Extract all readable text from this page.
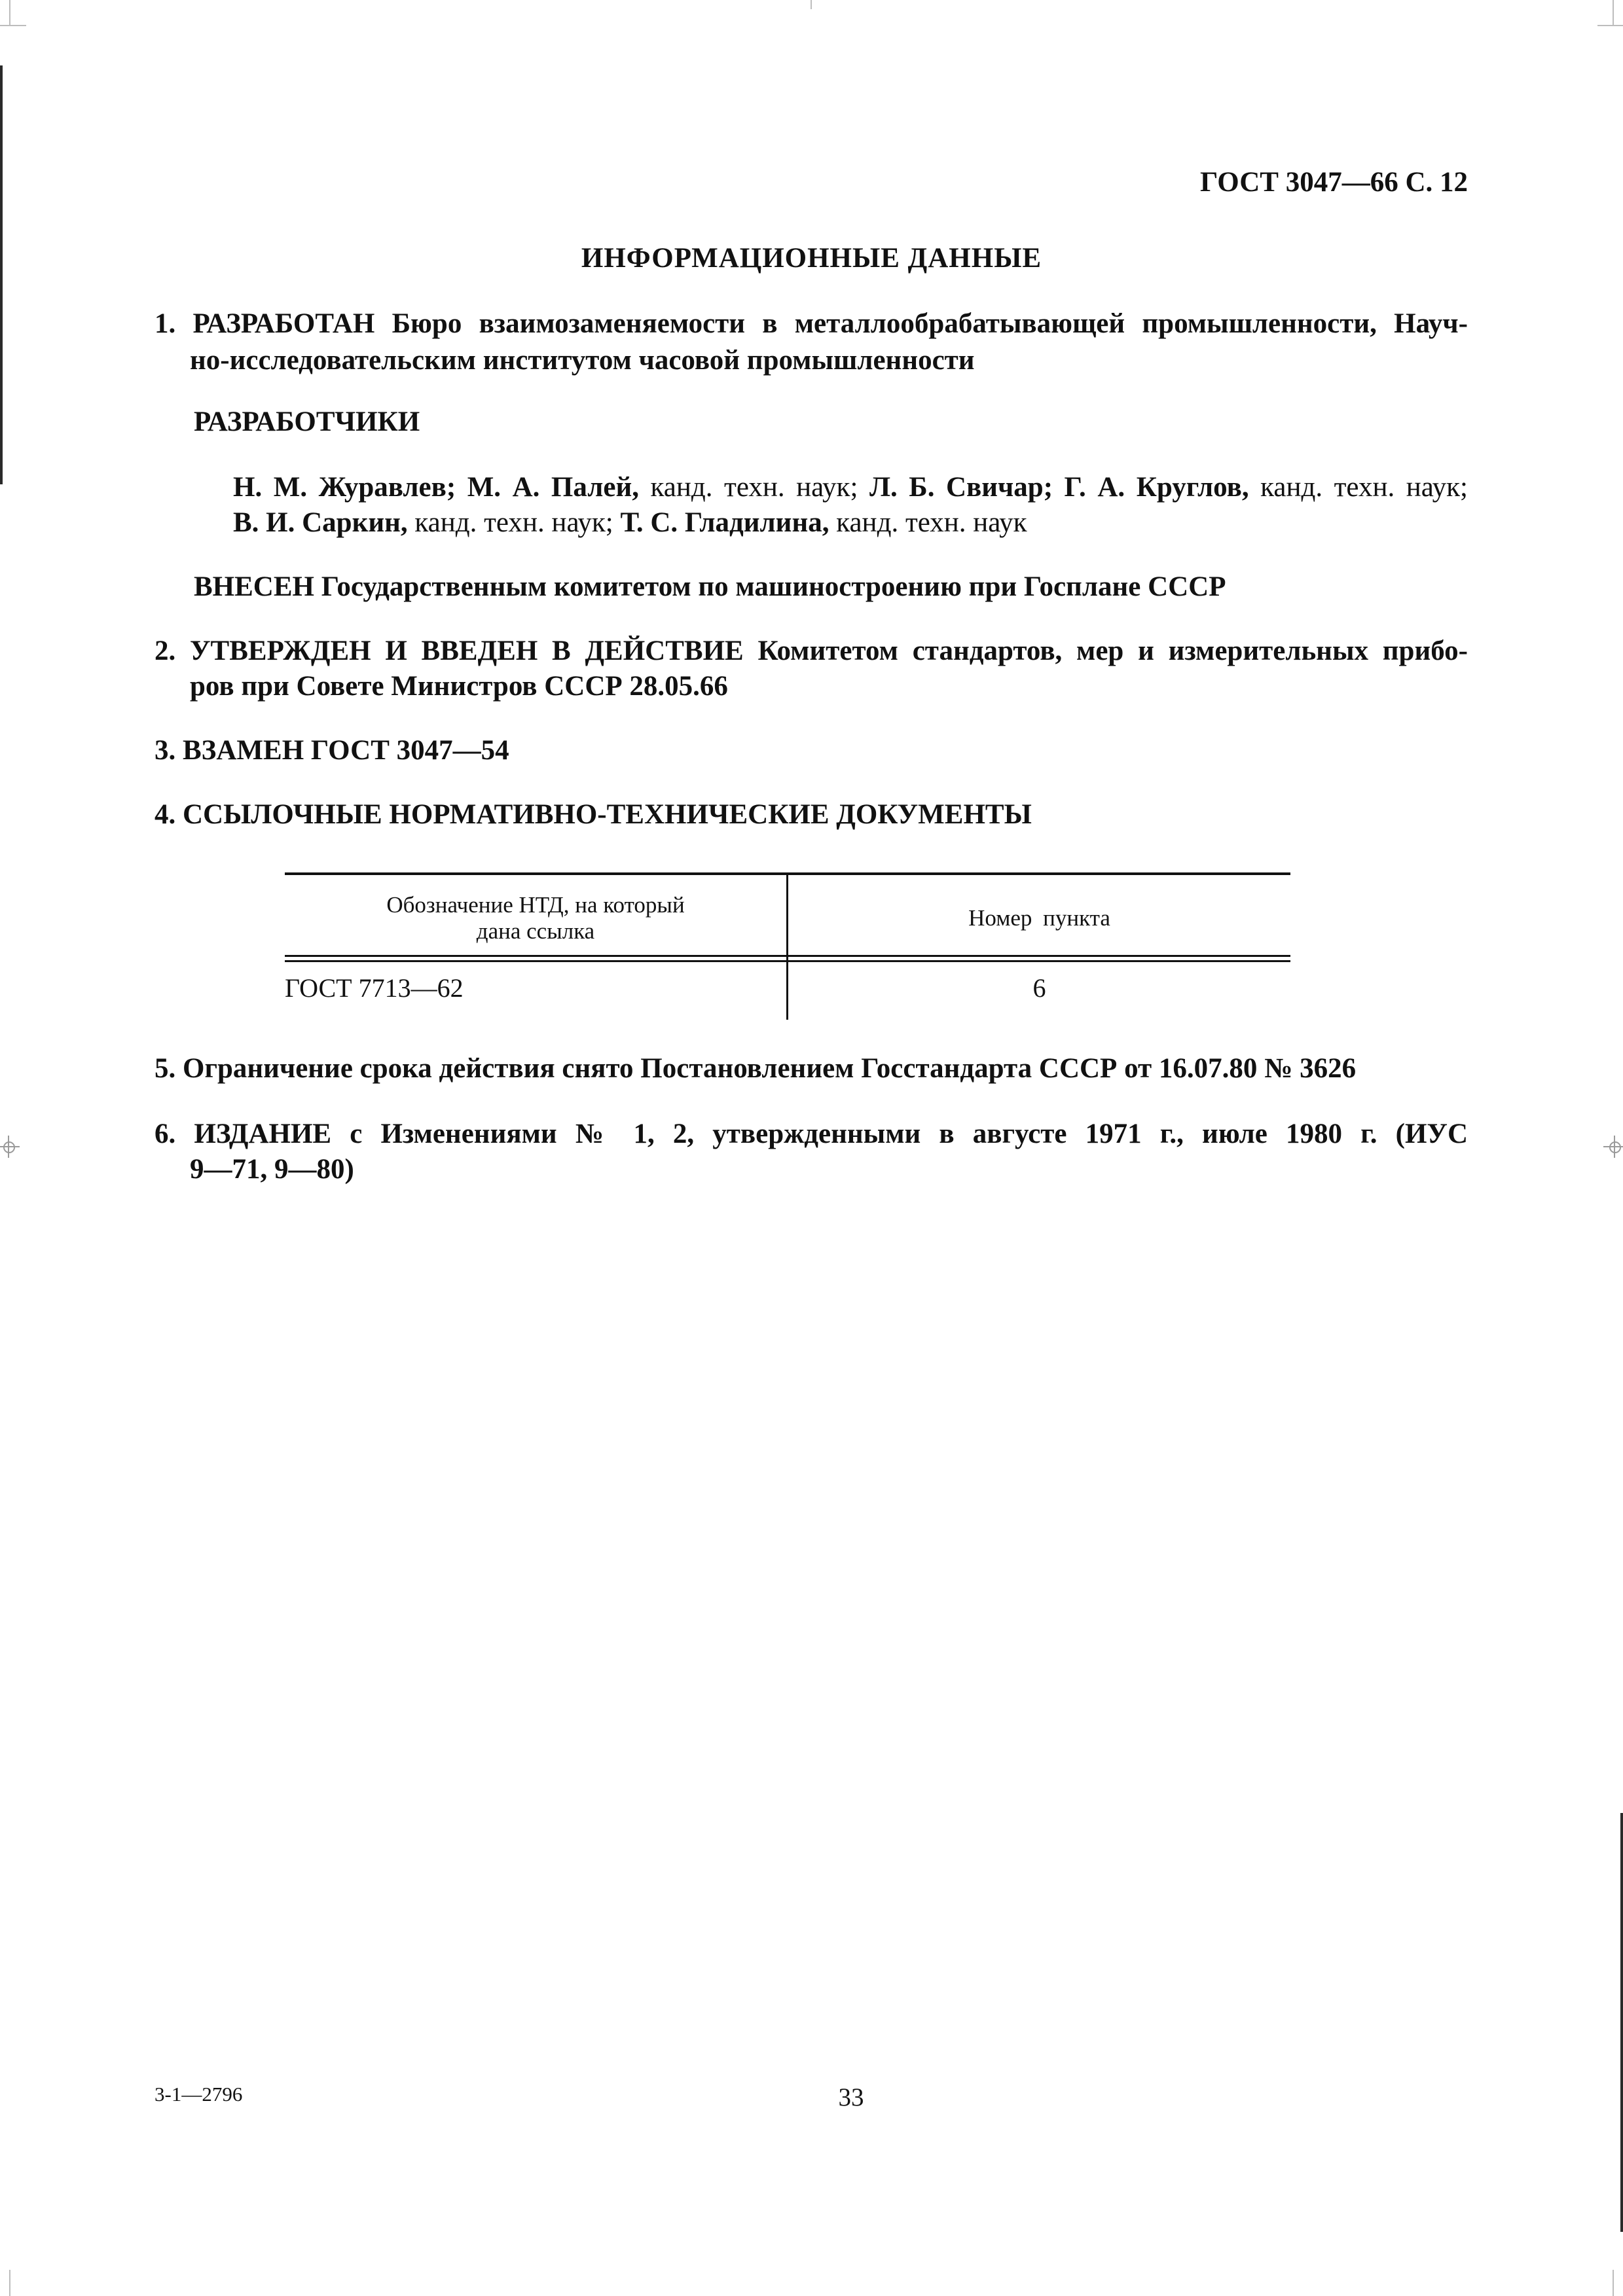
ГОСТ 3047—66 С. 12
ИНФОРМАЦИОННЫЕ ДАННЫЕ
1. РАЗРАБОТАН Бюро взаимозаменяемости в металлообрабатывающей промышленности, Науч-
но-исследовательским институтом часовой промышленности
РАЗРАБОТЧИКИ
Н. М. Журавлев; М. А. Палей, канд. техн. наук; Л. Б. Свичар; Г. А. Круглов, канд. техн. наук;
В. И. Саркин, канд. техн. наук; Т. С. Гладилина, канд. техн. наук
ВНЕСЕН Государственным комитетом по машиностроению при Госплане СССР
2. УТВЕРЖДЕН И ВВЕДЕН В ДЕЙСТВИЕ Комитетом стандартов, мер и измерительных прибо-
ров при Совете Министров СССР 28.05.66
3. ВЗАМЕН ГОСТ 3047—54
4. ССЫЛОЧНЫЕ НОРМАТИВНО-ТЕХНИЧЕСКИЕ ДОКУМЕНТЫ
Обозначение НТД, на который
дана ссылка
Номер пункта
ГОСТ 7713—62	6
5. Ограничение срока действия снято Постановлением Госстандарта СССР от 16.07.80 № 3626
6. ИЗДАНИЕ с Изменениями № 1, 2, утвержденными в августе 1971 г., июле 1980 г. (ИУС
9—71, 9—80)
3-1—2796	33
